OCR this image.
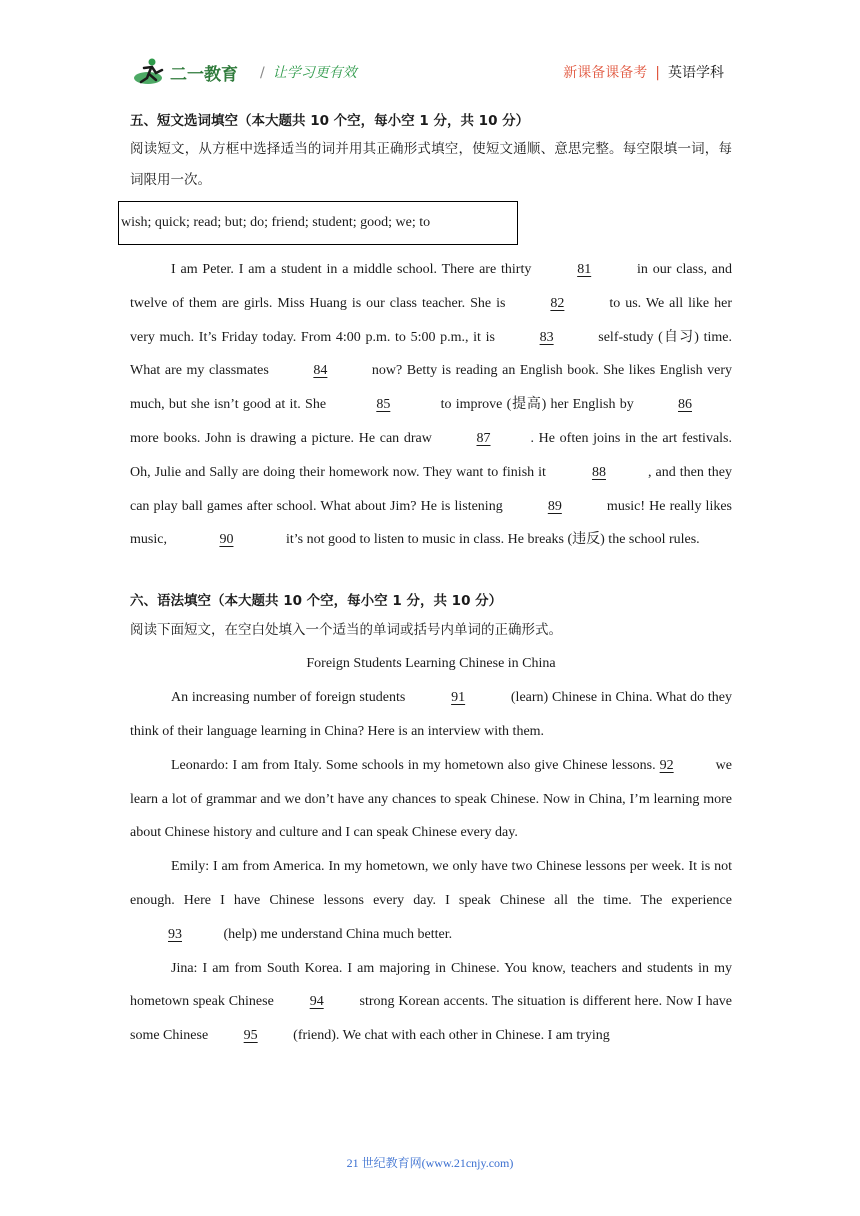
二一教育 / 让学习更有效	新课备课备考 | 英语学科

五、短文选词填空（本大题共 10 个空，每小空 1 分，共 10 分）

阅读短文，从方框中选择适当的词并用其正确形式填空，使短文通顺、意思完整。每空限填一词，每词限用一次。

wish; quick; read; but; do; friend; student; good; we; to

I am Peter. I am a student in a middle school. There are thirty	81	in our class, and twelve of them are girls. Miss Huang is our class teacher. She is	82	to us. We all like her very much. It’s Friday today. From 4:00 p.m. to 5:00 p.m., it is	83	self-study (自习) time. What are my classmates	84	now? Betty is reading an English book. She likes English very much, but she isn’t good at it. She	85	to improve (提高) her English by	86 more books. John is drawing a picture. He can draw	87	. He often joins in the art festivals. Oh, Julie and Sally are doing their homework now. They want to finish it	88	, and then they can play ball games after school. What about Jim? He is listening	89	music! He really likes music,	90	it’s not good to listen to music in class. He breaks (违反) the school rules.

六、语法填空（本大题共 10 个空，每小空 1 分，共 10 分）

阅读下面短文，在空白处填入一个适当的单词或括号内单词的正确形式。

Foreign Students Learning Chinese in China

An increasing number of foreign students	91	(learn) Chinese in China. What do they think of their language learning in China? Here is an interview with them.

Leonardo: I am from Italy. Some schools in my hometown also give Chinese lessons. 92	we learn a lot of grammar and we don’t have any chances to speak Chinese. Now in China, I’m learning more about Chinese history and culture and I can speak Chinese every day.

Emily: I am from America. In my hometown, we only have two Chinese lessons per week. It is not enough. Here I have Chinese lessons every day. I speak Chinese all the time. The experience 93	(help) me understand China much better.

Jina: I am from South Korea. I am majoring in Chinese. You know, teachers and students in my hometown speak Chinese 94 strong Korean accents. The situation is different here. Now I have some Chinese 95 (friend). We chat with each other in Chinese. I am trying

21 世纪教育网(www.21cnjy.com)
